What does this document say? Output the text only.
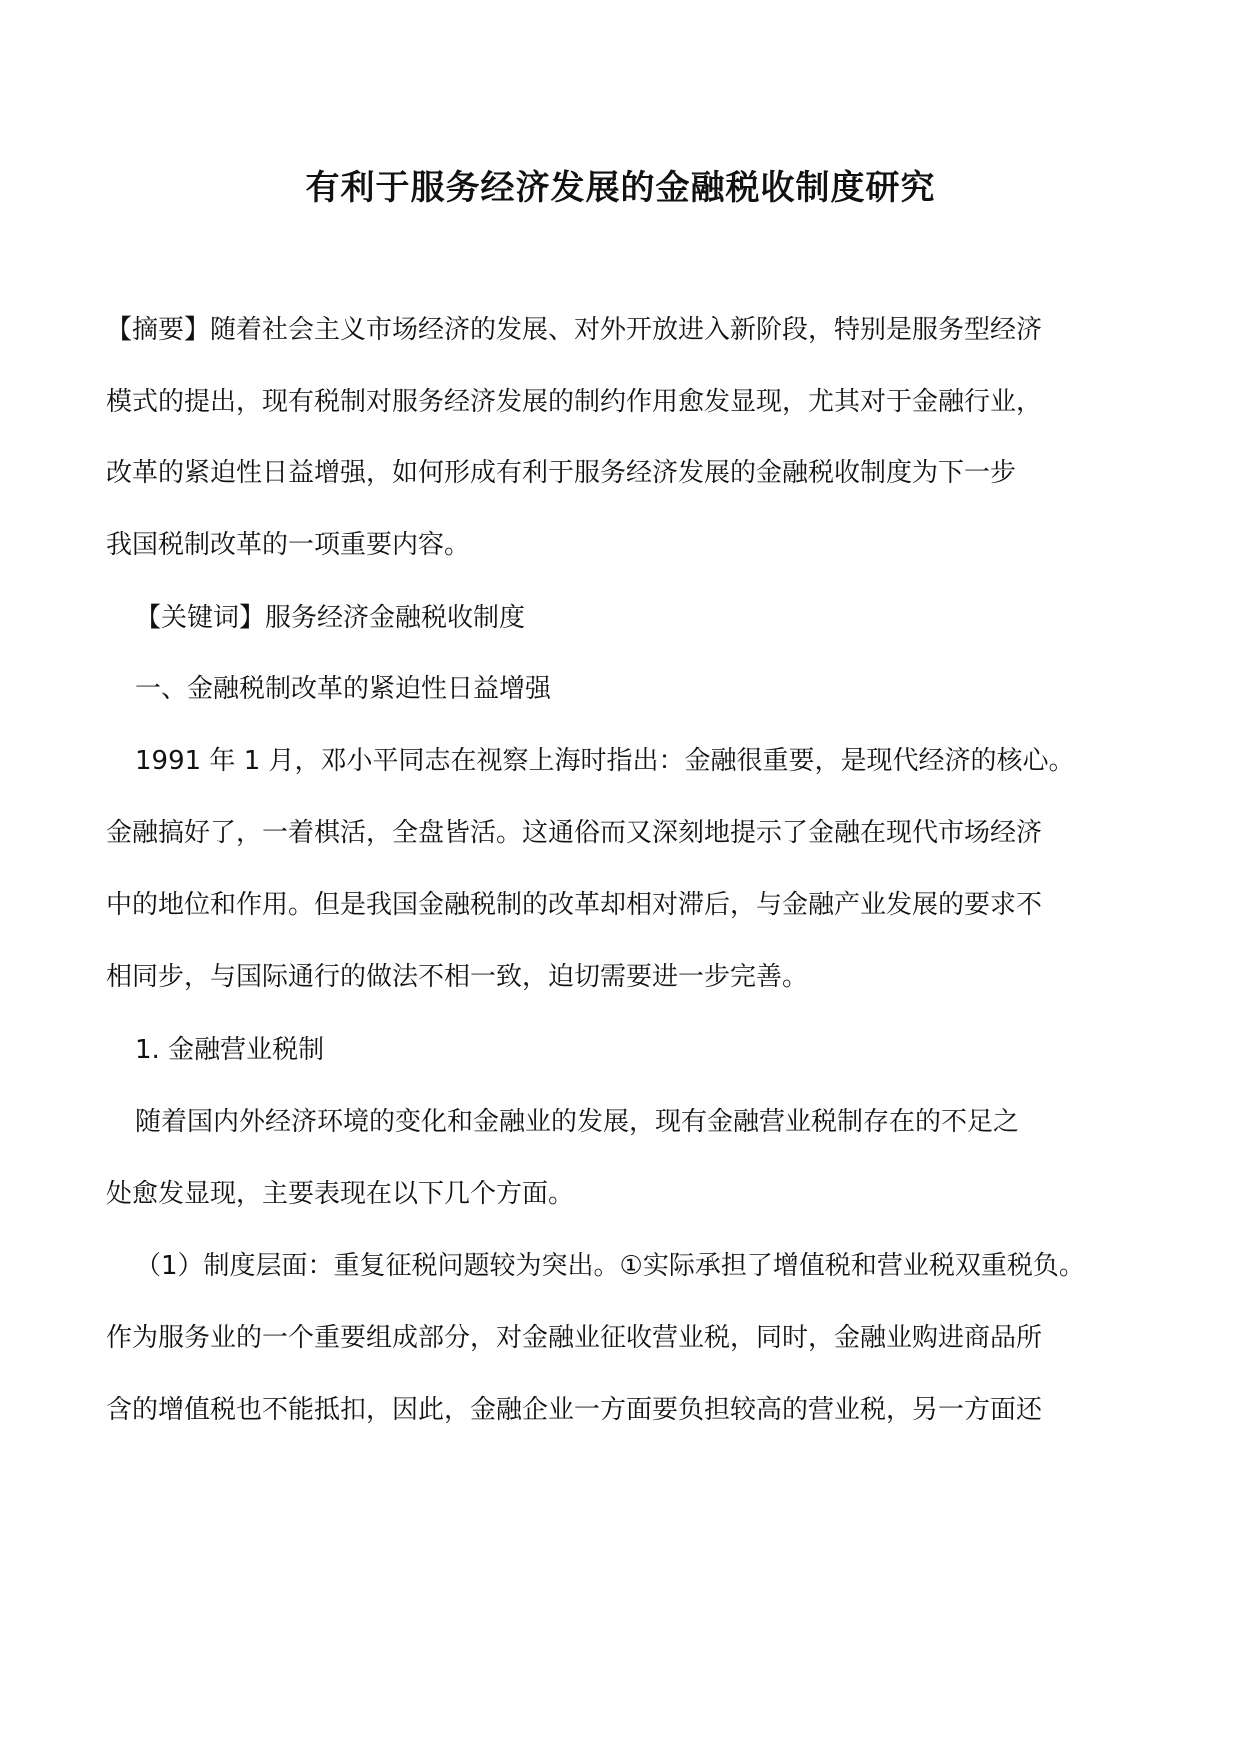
有利于服务经济发展的金融税收制度研究
【摘要】随着社会主义市场经济的发展、对外开放进入新阶段，特别是服务型经济
模式的提出，现有税制对服务经济发展的制约作用愈发显现，尤其对于金融行业，
改革的紧迫性日益增强，如何形成有利于服务经济发展的金融税收制度为下一步
我国税制改革的一项重要内容。
【关键词】服务经济金融税收制度
一、金融税制改革的紧迫性日益增强
1991 年 1 月，邓小平同志在视察上海时指出：金融很重要，是现代经济的核心。
金融搞好了，一着棋活，全盘皆活。这通俗而又深刻地提示了金融在现代市场经济
中的地位和作用。但是我国金融税制的改革却相对滞后，与金融产业发展的要求不
相同步，与国际通行的做法不相一致，迫切需要进一步完善。
1. 金融营业税制
随着国内外经济环境的变化和金融业的发展，现有金融营业税制存在的不足之
处愈发显现，主要表现在以下几个方面。
（1）制度层面：重复征税问题较为突出。①实际承担了增值税和营业税双重税负。
作为服务业的一个重要组成部分，对金融业征收营业税，同时，金融业购进商品所
含的增值税也不能抵扣，因此，金融企业一方面要负担较高的营业税，另一方面还
